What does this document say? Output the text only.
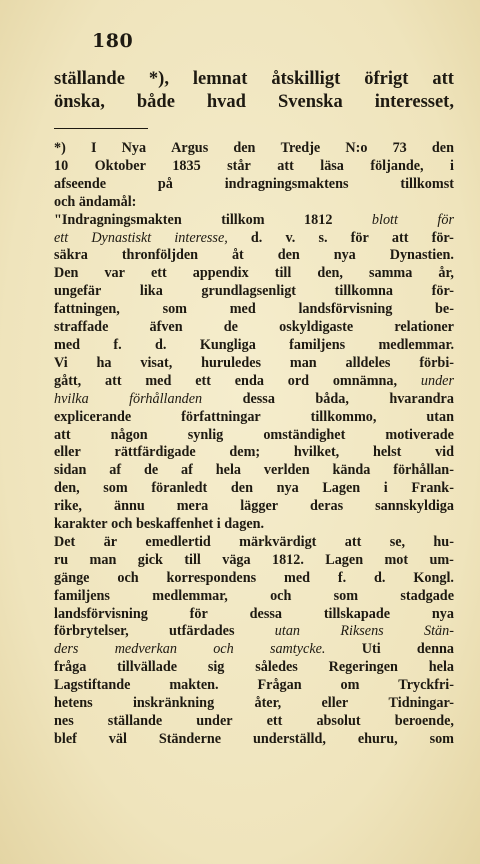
180
ställande *), lemnat åtskilligt öfrigt att
önska, både hvad Svenska interesset,
*) I Nya Argus den Tredje N:o 73 den
10 Oktober 1835 står att läsa följande, i
afseende	på	indragningsmaktens	tillkomst
och ändamål:
"Indragningsmakten	tillkom	1812	blott	för
ett Dynastiskt interesse, d. v. s. för att för-
säkra thronföljden åt den nya Dynastien.
Den var ett appendix till den, samma år,
ungefär	lika	grundlagsenligt	tillkomna	för-
fattningen,	som	med	landsförvisning	be-
straffade	äfven	de	oskyldigaste	relationer
med f. d. Kungliga familjens medlemmar.
Vi ha visat, huruledes man alldeles förbi-
gått, att med ett enda ord omnämna, under
hvilka	förhållanden	dessa	båda,	hvarandra
explicerande	författningar	tillkommo,	utan
att	någon	synlig	omständighet	motiverade
eller rättfärdigade dem; hvilket, helst vid
sidan af de af hela verlden kända förhållan-
den, som föranledt den nya Lagen i Frank-
rike, ännu mera lägger deras sannskyldiga
karakter och beskaffenhet i dagen.
Det är emedlertid märkvärdigt att se, hu-
ru man gick till väga 1812. Lagen mot um-
gänge och korrespondens med f. d. Kongl.
familjens	medlemmar,	och	som	stadgade
landsförvisning	för	dessa	tillskapade	nya
förbrytelser,	utfärdades	utan	Riksens	Stän-
ders	medverkan	och	samtycke.	Uti	denna
fråga tillvällade sig således Regeringen hela
Lagstiftande	makten.	Frågan	om	Tryckfri-
hetens	inskränkning	åter,	eller	Tidningar-
nes ställande under ett absolut beroende,
blef väl Ständerne underställd, ehuru, som
